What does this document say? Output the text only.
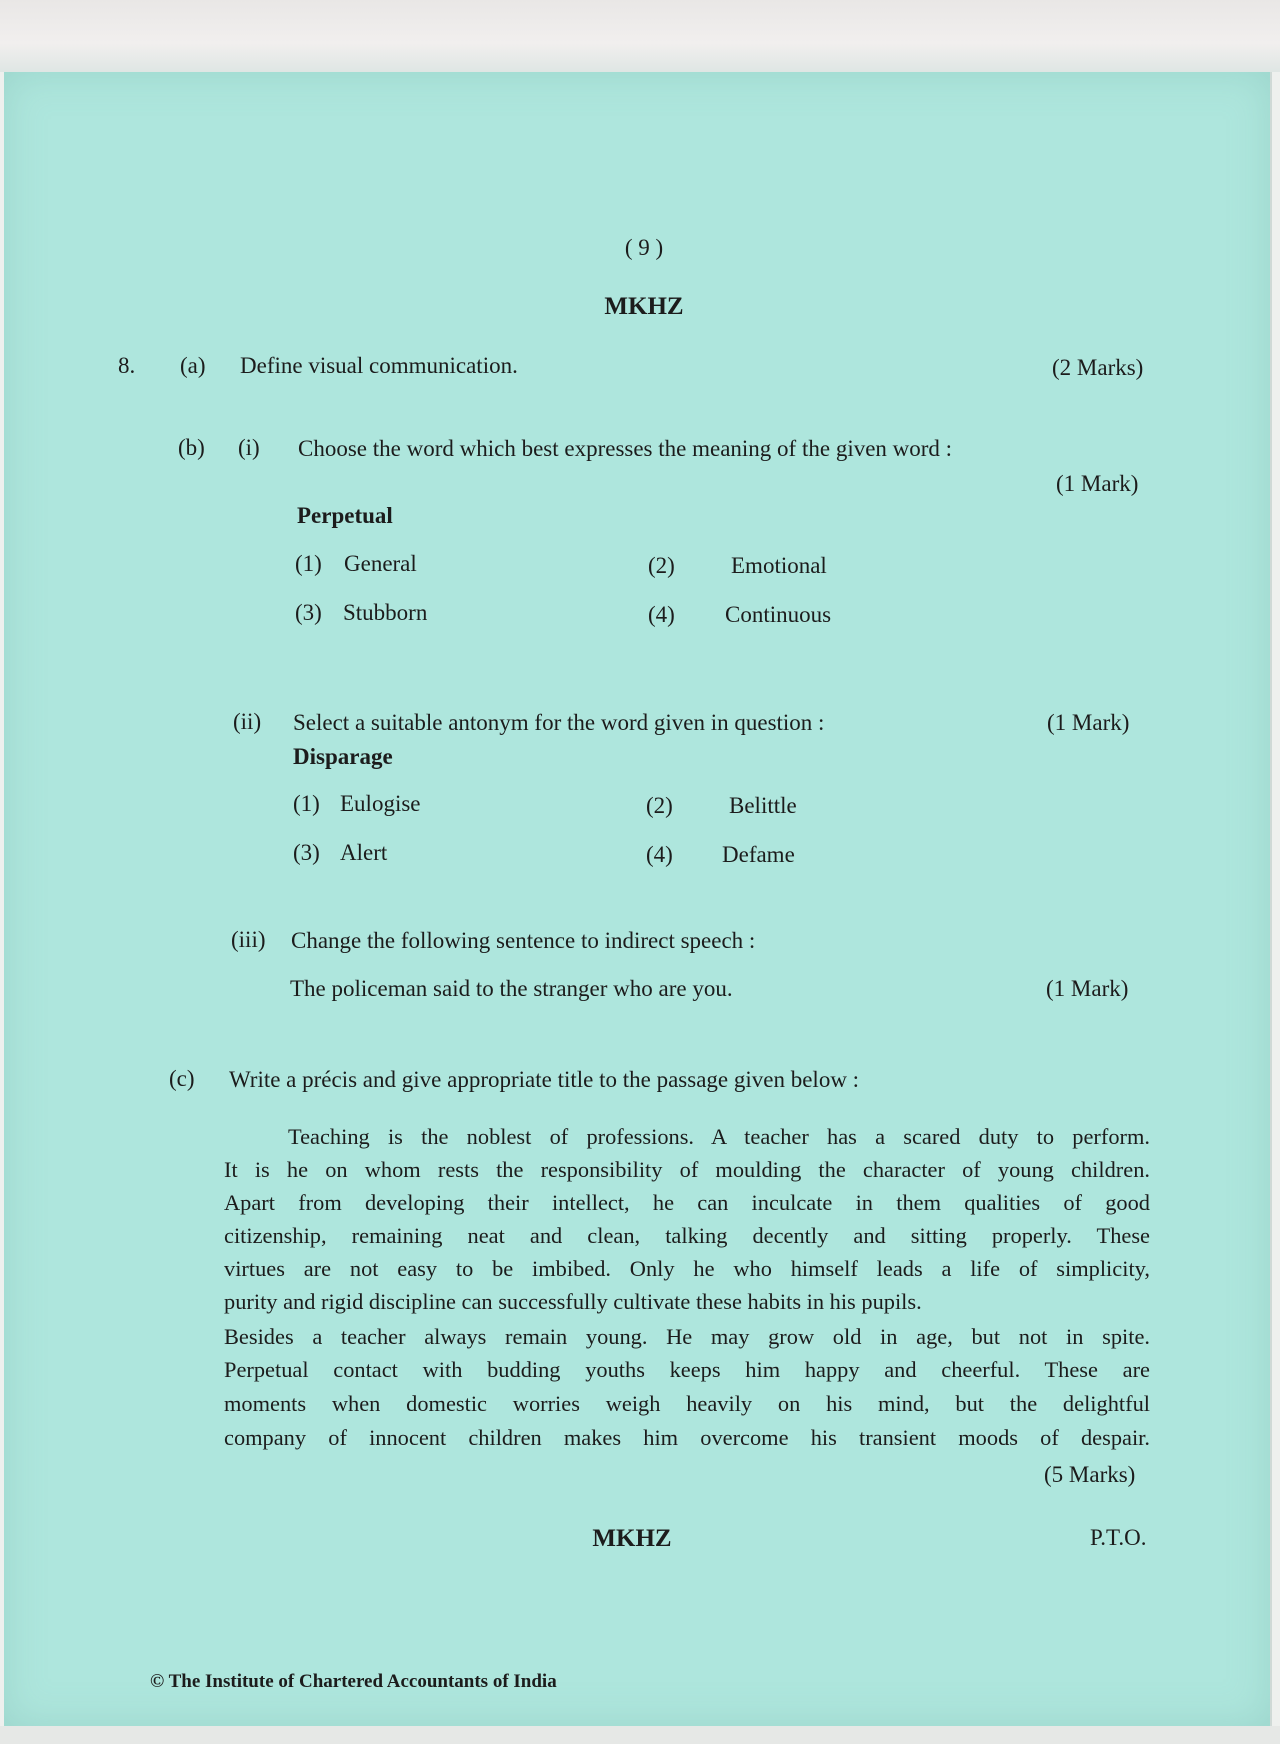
( 9 )
MKHZ
8. (a) Define visual communication.	(2 Marks)
(b) (i) Choose the word which best expresses the meaning of the given word :
(1 Mark)
Perpetual
(1) General	(2) Emotional
(3) Stubborn	(4) Continuous
(ii) Select a suitable antonym for the word given in question :	(1 Mark)
Disparage
(1) Eulogise	(2) Belittle
(3) Alert	(4) Defame
(iii) Change the following sentence to indirect speech :
The policeman said to the stranger who are you.	(1 Mark)
(c) Write a précis and give appropriate title to the passage given below :
Teaching is the noblest of professions. A teacher has a scared duty to perform.
It is he on whom rests the responsibility of moulding the character of young children.
Apart from developing their intellect, he can inculcate in them qualities of good
citizenship, remaining neat and clean, talking decently and sitting properly. These
virtues are not easy to be imbibed. Only he who himself leads a life of simplicity,
purity and rigid discipline can successfully cultivate these habits in his pupils.
Besides a teacher always remain young. He may grow old in age, but not in spite.
Perpetual contact with budding youths keeps him happy and cheerful. These are
moments when domestic worries weigh heavily on his mind, but the delightful
company of innocent children makes him overcome his transient moods of despair.
(5 Marks)
MKHZ	P.T.O.
© The Institute of Chartered Accountants of India
